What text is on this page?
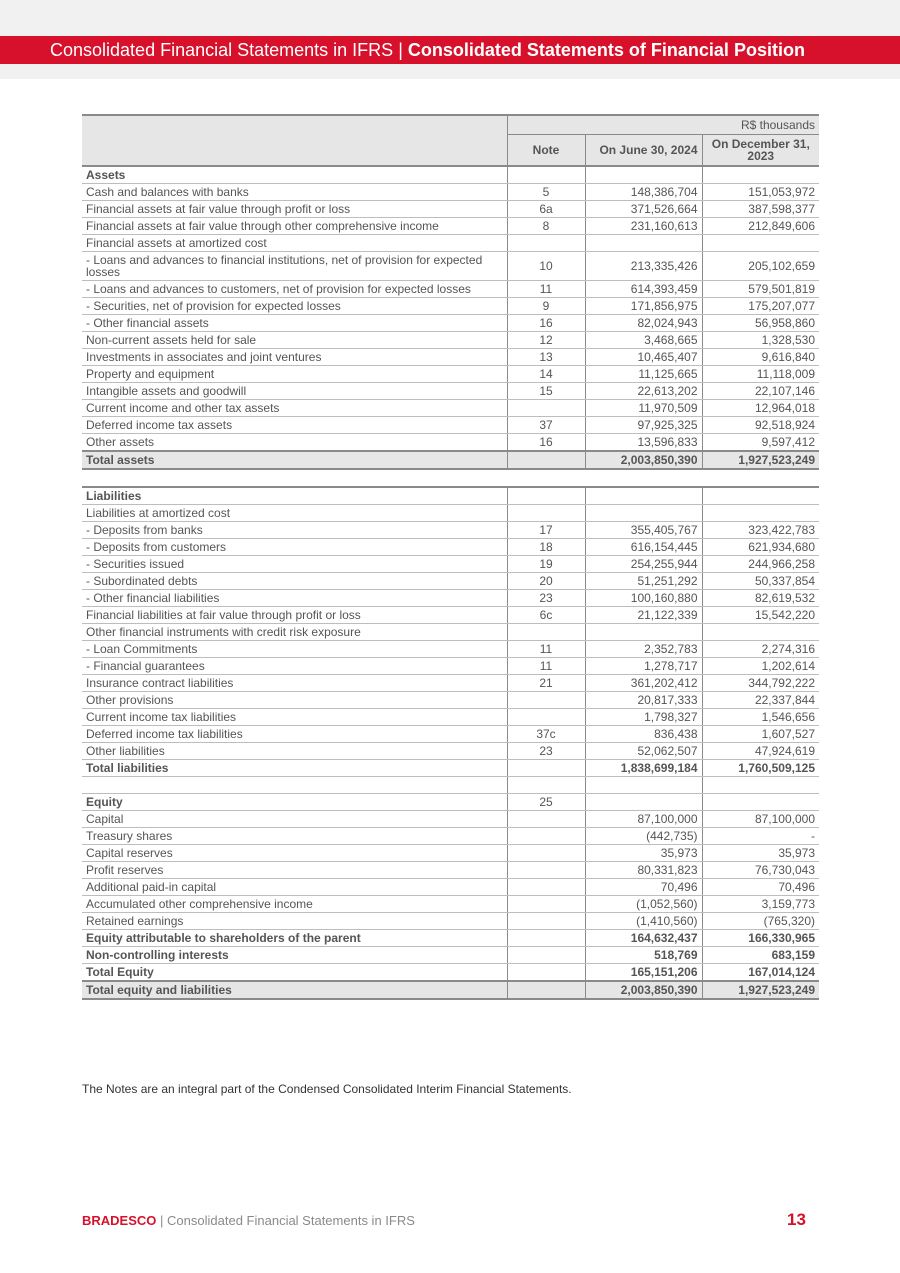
Consolidated Financial Statements in IFRS | Consolidated Statements of Financial Position
	R$ thousands		
	Note	On June 30, 2024	On December 31, 2023
Assets			
Cash and balances with banks	5	148,386,704	151,053,972
Financial assets at fair value through profit or loss	6a	371,526,664	387,598,377
Financial assets at fair value through other comprehensive income	8	231,160,613	212,849,606
Financial assets at amortized cost			
- Loans and advances to financial institutions, net of provision for expected losses	10	213,335,426	205,102,659
- Loans and advances to customers, net of provision for expected losses	11	614,393,459	579,501,819
- Securities, net of provision for expected losses	9	171,856,975	175,207,077
- Other financial assets	16	82,024,943	56,958,860
Non-current assets held for sale	12	3,468,665	1,328,530
Investments in associates and joint ventures	13	10,465,407	9,616,840
Property and equipment	14	11,125,665	11,118,009
Intangible assets and goodwill	15	22,613,202	22,107,146
Current income and other tax assets		11,970,509	12,964,018
Deferred income tax assets	37	97,925,325	92,518,924
Other assets	16	13,596,833	9,597,412
Total assets		2,003,850,390	1,927,523,249

Liabilities			
Liabilities at amortized cost			
- Deposits from banks	17	355,405,767	323,422,783
- Deposits from customers	18	616,154,445	621,934,680
- Securities issued	19	254,255,944	244,966,258
- Subordinated debts	20	51,251,292	50,337,854
- Other financial liabilities	23	100,160,880	82,619,532
Financial liabilities at fair value through profit or loss	6c	21,122,339	15,542,220
Other financial instruments with credit risk exposure			
- Loan Commitments	11	2,352,783	2,274,316
- Financial guarantees	11	1,278,717	1,202,614
Insurance contract liabilities	21	361,202,412	344,792,222
Other provisions		20,817,333	22,337,844
Current income tax liabilities		1,798,327	1,546,656
Deferred income tax liabilities	37c	836,438	1,607,527
Other liabilities	23	52,062,507	47,924,619
Total liabilities		1,838,699,184	1,760,509,125

Equity	25		
Capital		87,100,000	87,100,000
Treasury shares		(442,735)	-
Capital reserves		35,973	35,973
Profit reserves		80,331,823	76,730,043
Additional paid-in capital		70,496	70,496
Accumulated other comprehensive income		(1,052,560)	3,159,773
Retained earnings		(1,410,560)	(765,320)
Equity attributable to shareholders of the parent		164,632,437	166,330,965
Non-controlling interests		518,769	683,159
Total Equity		165,151,206	167,014,124
Total equity and liabilities		2,003,850,390	1,927,523,249
The Notes are an integral part of the Condensed Consolidated Interim Financial Statements.
BRADESCO | Consolidated Financial Statements in IFRS	13
